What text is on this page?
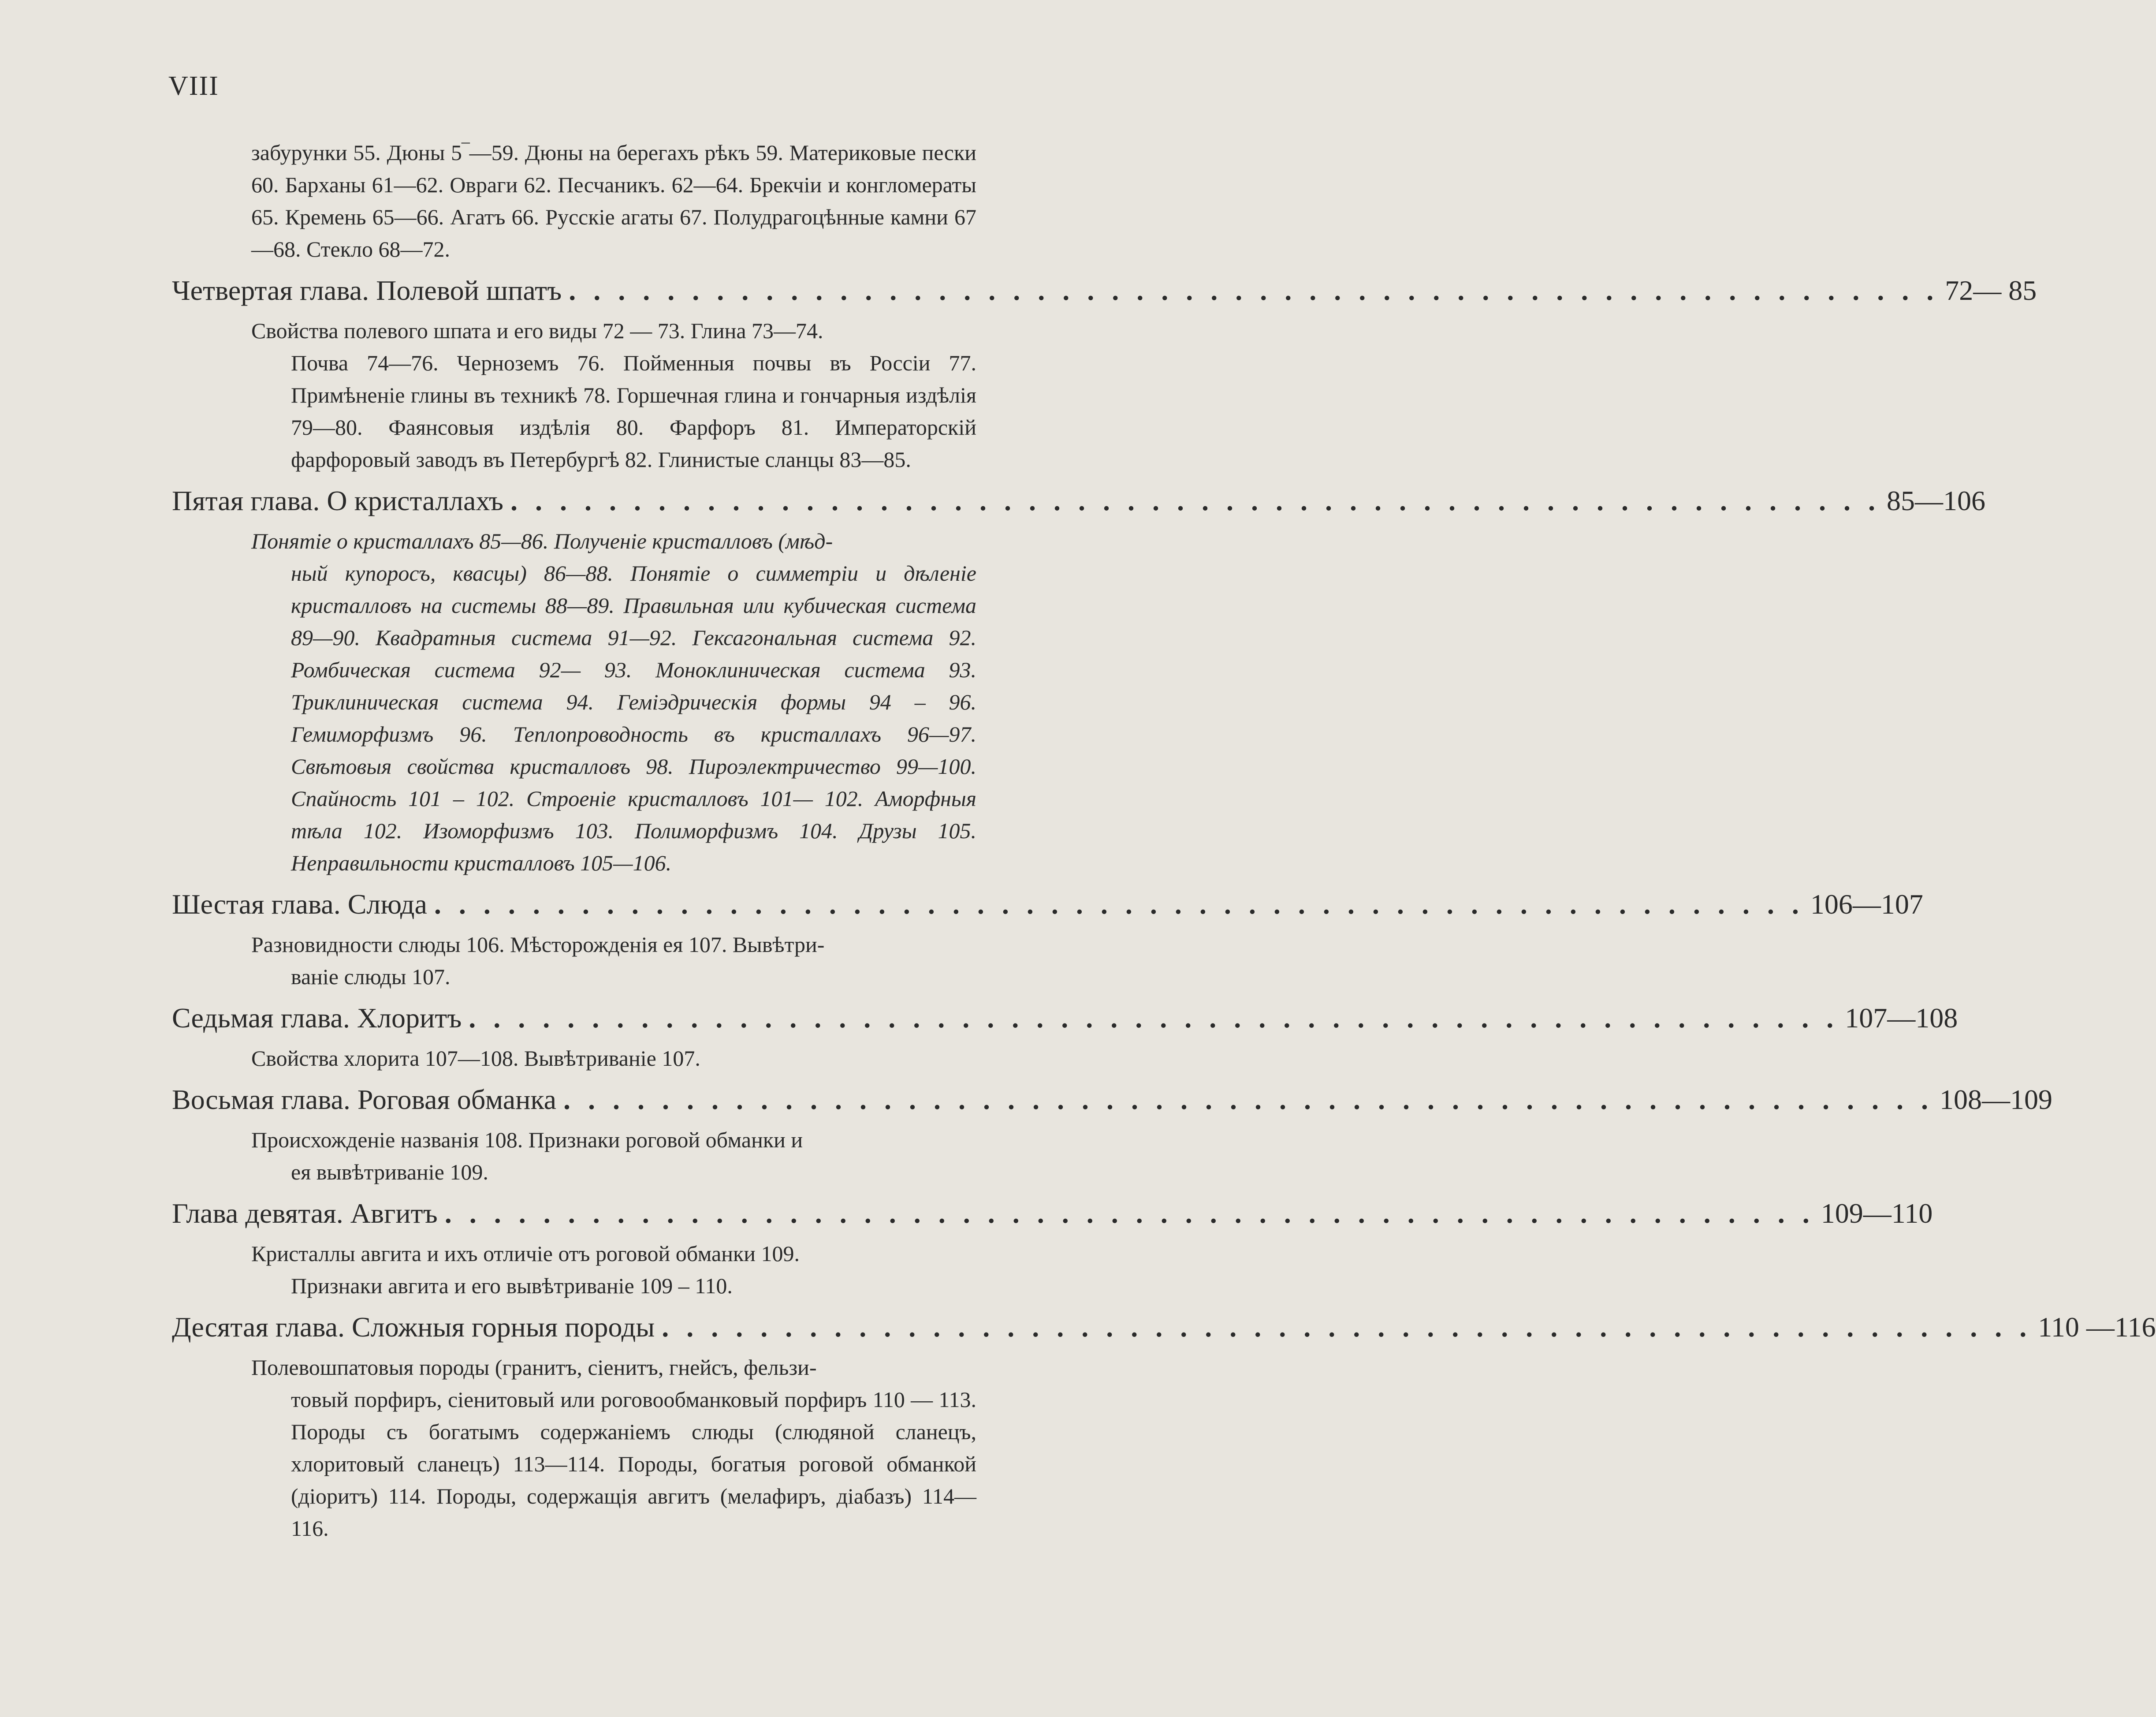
VIII

забурунки 55. Дюны 5‾—59. Дюны на берегахъ рѣкъ 59. Материковые пески 60. Барханы 61—62. Овраги 62. Песчаникъ. 62—64. Брекчіи и конгломераты 65. Кремень 65—66. Агатъ 66. Русскіе агаты 67. Полудрагоцѣнные камни 67—68. Стекло 68—72.

Четвертая глава. Полевой шпатъ . . . . . . . . . . . . . . . . . . . . . . . . . . . . . . . . . . . . . . . . . . . . . . . . . . . . . . . . 72— 85
Свойства полевого шпата и его виды 72 — 73. Глина 73—74.
Почва 74—76. Черноземъ 76. Пойменныя почвы въ Россіи 77. Примѣненіе глины въ техникѣ 78. Горшечная глина и гончарныя издѣлія 79—80. Фаянсовыя издѣлія 80. Фарфоръ 81. Императорскій фарфоровый заводъ въ Петербургѣ 82. Глинистые сланцы 83—85.
Пятая глава. О кристаллахъ . . . . . . . . . . . . . . . . . . . . . . . . . . . . . . . . . . . . . . . . . . . . . . . . . . . . . . . . 85—106
Понятіе о кристаллахъ 85—86. Полученіе кристалловъ (мѣд-
ный купоросъ, квасцы) 86—88. Понятіе о симметріи и дѣленіе кристалловъ на системы 88—89. Правильная или кубическая система 89—90. Квадратныя система 91—92. Гексагональная система 92. Ромбическая система 92— 93. Моноклиническая система 93. Триклиническая система 94. Геміэдрическія формы 94 – 96. Гемиморфизмъ 96. Теплопроводность въ кристаллахъ 96—97. Свѣтовыя свойства кристалловъ 98. Пироэлектричество 99—100. Спайность 101 – 102. Строеніе кристалловъ 101— 102. Аморфныя тѣла 102. Изоморфизмъ 103. Полиморфизмъ 104. Друзы 105. Неправильности кристалловъ 105—106.
Шестая глава. Слюда . . . . . . . . . . . . . . . . . . . . . . . . . . . . . . . . . . . . . . . . . . . . . . . . . . . . . . . . 106—107
Разновидности слюды 106. Мѣсторожденія ея 107. Вывѣтри-
ваніе слюды 107.
Седьмая глава. Хлоритъ . . . . . . . . . . . . . . . . . . . . . . . . . . . . . . . . . . . . . . . . . . . . . . . . . . . . . . . . 107—108
Свойства хлорита 107—108. Вывѣтриваніе 107.
Восьмая глава. Роговая обманка . . . . . . . . . . . . . . . . . . . . . . . . . . . . . . . . . . . . . . . . . . . . . . . . . . . . . . . . 108—109
Происхожденіе названія 108. Признаки роговой обманки и
ея вывѣтриваніе 109.
Глава девятая. Авгитъ . . . . . . . . . . . . . . . . . . . . . . . . . . . . . . . . . . . . . . . . . . . . . . . . . . . . . . . . 109—110
Кристаллы авгита и ихъ отличіе отъ роговой обманки 109.
Признаки авгита и его вывѣтриваніе 109 – 110.
Десятая глава. Сложныя горныя породы . . . . . . . . . . . . . . . . . . . . . . . . . . . . . . . . . . . . . . . . . . . . . . . . . . . . . . . . 110 —116
Полевошпатовыя породы (гранитъ, сіенитъ, гнейсъ, фельзи-
товый порфиръ, сіенитовый или роговообманковый порфиръ 110 — 113. Породы съ богатымъ содержаніемъ слюды (слюдяной сланецъ, хлоритовый сланецъ) 113—114. Породы, богатыя роговой обманкой (діоритъ) 114. Породы, содержащія авгитъ (мелафиръ, діабазъ) 114—116.
